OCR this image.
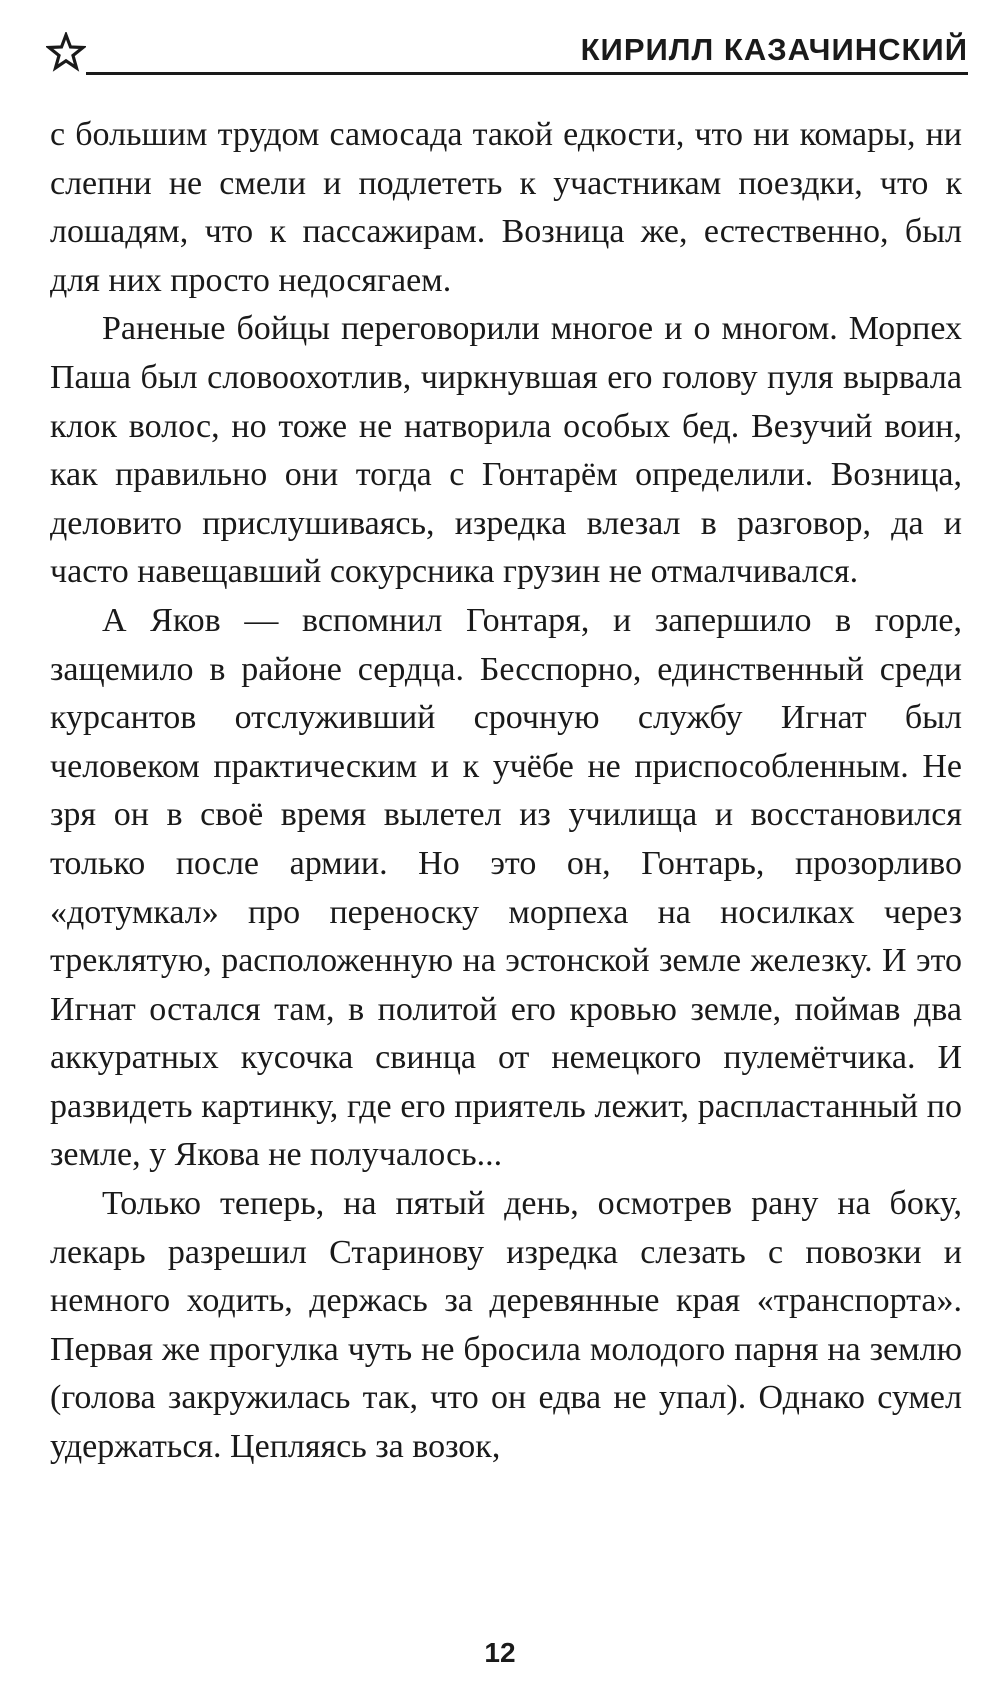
КИРИЛЛ КАЗАЧИНСКИЙ

с большим трудом самосада такой едкости, что ни комары, ни слепни не смели и подлететь к участникам поездки, что к лошадям, что к пассажирам. Возница же, естественно, был для них просто недосягаем.

Раненые бойцы переговорили многое и о многом. Морпех Паша был словоохотлив, чиркнувшая его голову пуля вырвала клок волос, но тоже не натворила особых бед. Везучий воин, как правильно они тогда с Гонтарём определили. Возница, деловито прислушиваясь, изредка влезал в разговор, да и часто навещавший сокурсника грузин не отмалчивался.

А Яков — вспомнил Гонтаря, и запершило в горле, защемило в районе сердца. Бесспорно, единственный среди курсантов отслуживший срочную службу Игнат был человеком практическим и к учёбе не приспособленным. Не зря он в своё время вылетел из училища и восстановился только после армии. Но это он, Гонтарь, прозорливо «дотумкал» про переноску морпеха на носилках через треклятую, расположенную на эстонской земле железку. И это Игнат остался там, в политой его кровью земле, поймав два аккуратных кусочка свинца от немецкого пулемётчика. И развидеть картинку, где его приятель лежит, распластанный по земле, у Якова не получалось...

Только теперь, на пятый день, осмотрев рану на боку, лекарь разрешил Старинову изредка слезать с повозки и немного ходить, держась за деревянные края «транспорта». Первая же прогулка чуть не бросила молодого парня на землю (голова закружилась так, что он едва не упал). Однако сумел удержаться. Цепляясь за возок,

12
